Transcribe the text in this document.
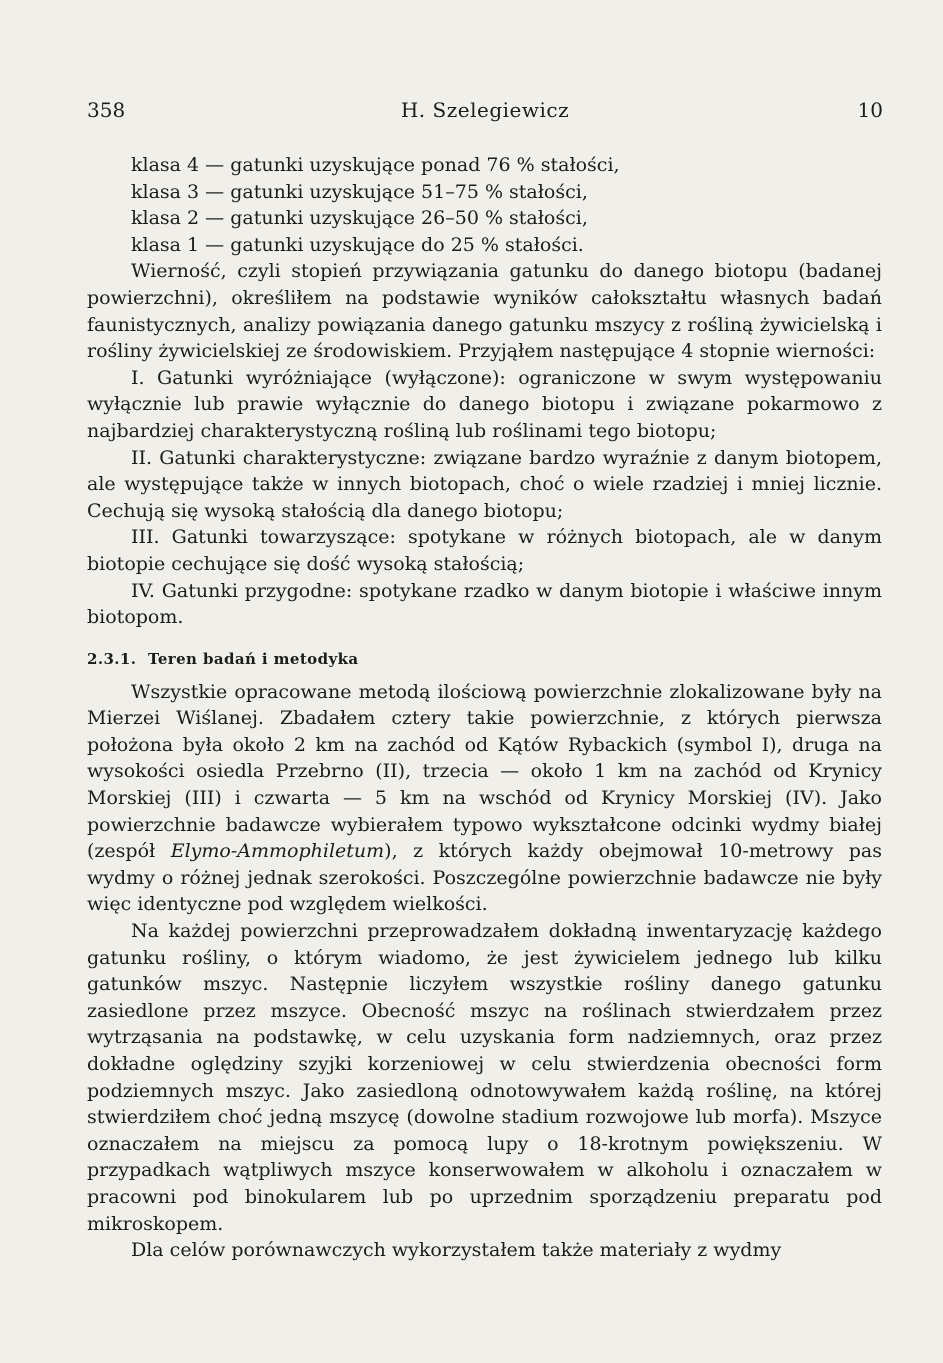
358	H. Szelegiewicz	10

klasa 4 — gatunki uzyskujące ponad 76 % stałości,

klasa 3 — gatunki uzyskujące 51–75 % stałości,

klasa 2 — gatunki uzyskujące 26–50 % stałości,

klasa 1 — gatunki uzyskujące do 25 % stałości.

Wierność, czyli stopień przywiązania gatunku do danego biotopu (badanej powierzchni), określiłem na podstawie wyników całokształtu własnych badań faunistycznych, analizy powiązania danego gatunku mszycy z rośliną żywicielską i rośliny żywicielskiej ze środowiskiem. Przyjąłem następujące 4 stopnie wierności:

I. Gatunki wyróżniające (wyłączone): ograniczone w swym występowaniu wyłącznie lub prawie wyłącznie do danego biotopu i związane pokarmowo z najbardziej charakterystyczną rośliną lub roślinami tego biotopu;

II. Gatunki charakterystyczne: związane bardzo wyraźnie z danym biotopem, ale występujące także w innych biotopach, choć o wiele rzadziej i mniej licznie. Cechują się wysoką stałością dla danego biotopu;

III. Gatunki towarzyszące: spotykane w różnych biotopach, ale w danym biotopie cechujące się dość wysoką stałością;

IV. Gatunki przygodne: spotykane rzadko w danym biotopie i właściwe innym biotopom.

2.3.1. Teren badań i metodyka

Wszystkie opracowane metodą ilościową powierzchnie zlokalizowane były na Mierzei Wiślanej. Zbadałem cztery takie powierzchnie, z których pierwsza położona była około 2 km na zachód od Kątów Rybackich (symbol I), druga na wysokości osiedla Przebrno (II), trzecia — około 1 km na zachód od Krynicy Morskiej (III) i czwarta — 5 km na wschód od Krynicy Morskiej (IV). Jako powierzchnie badawcze wybierałem typowo wykształcone odcinki wydmy białej (zespół Elymo-Ammophiletum), z których każdy obejmował 10-metrowy pas wydmy o różnej jednak szerokości. Poszczególne powierzchnie badawcze nie były więc identyczne pod względem wielkości.

Na każdej powierzchni przeprowadzałem dokładną inwentaryzację każdego gatunku rośliny, o którym wiadomo, że jest żywicielem jednego lub kilku gatunków mszyc. Następnie liczyłem wszystkie rośliny danego gatunku zasiedlone przez mszyce. Obecność mszyc na roślinach stwierdzałem przez wytrząsania na podstawkę, w celu uzyskania form nadziemnych, oraz przez dokładne oględziny szyjki korzeniowej w celu stwierdzenia obecności form podziemnych mszyc. Jako zasiedloną odnotowywałem każdą roślinę, na której stwierdziłem choć jedną mszycę (dowolne stadium rozwojowe lub morfa). Mszyce oznaczałem na miejscu za pomocą lupy o 18-krotnym powiększeniu. W przypadkach wątpliwych mszyce konserwowałem w alkoholu i oznaczałem w pracowni pod binokularem lub po uprzednim sporządzeniu preparatu pod mikroskopem.

Dla celów porównawczych wykorzystałem także materiały z wydmy
